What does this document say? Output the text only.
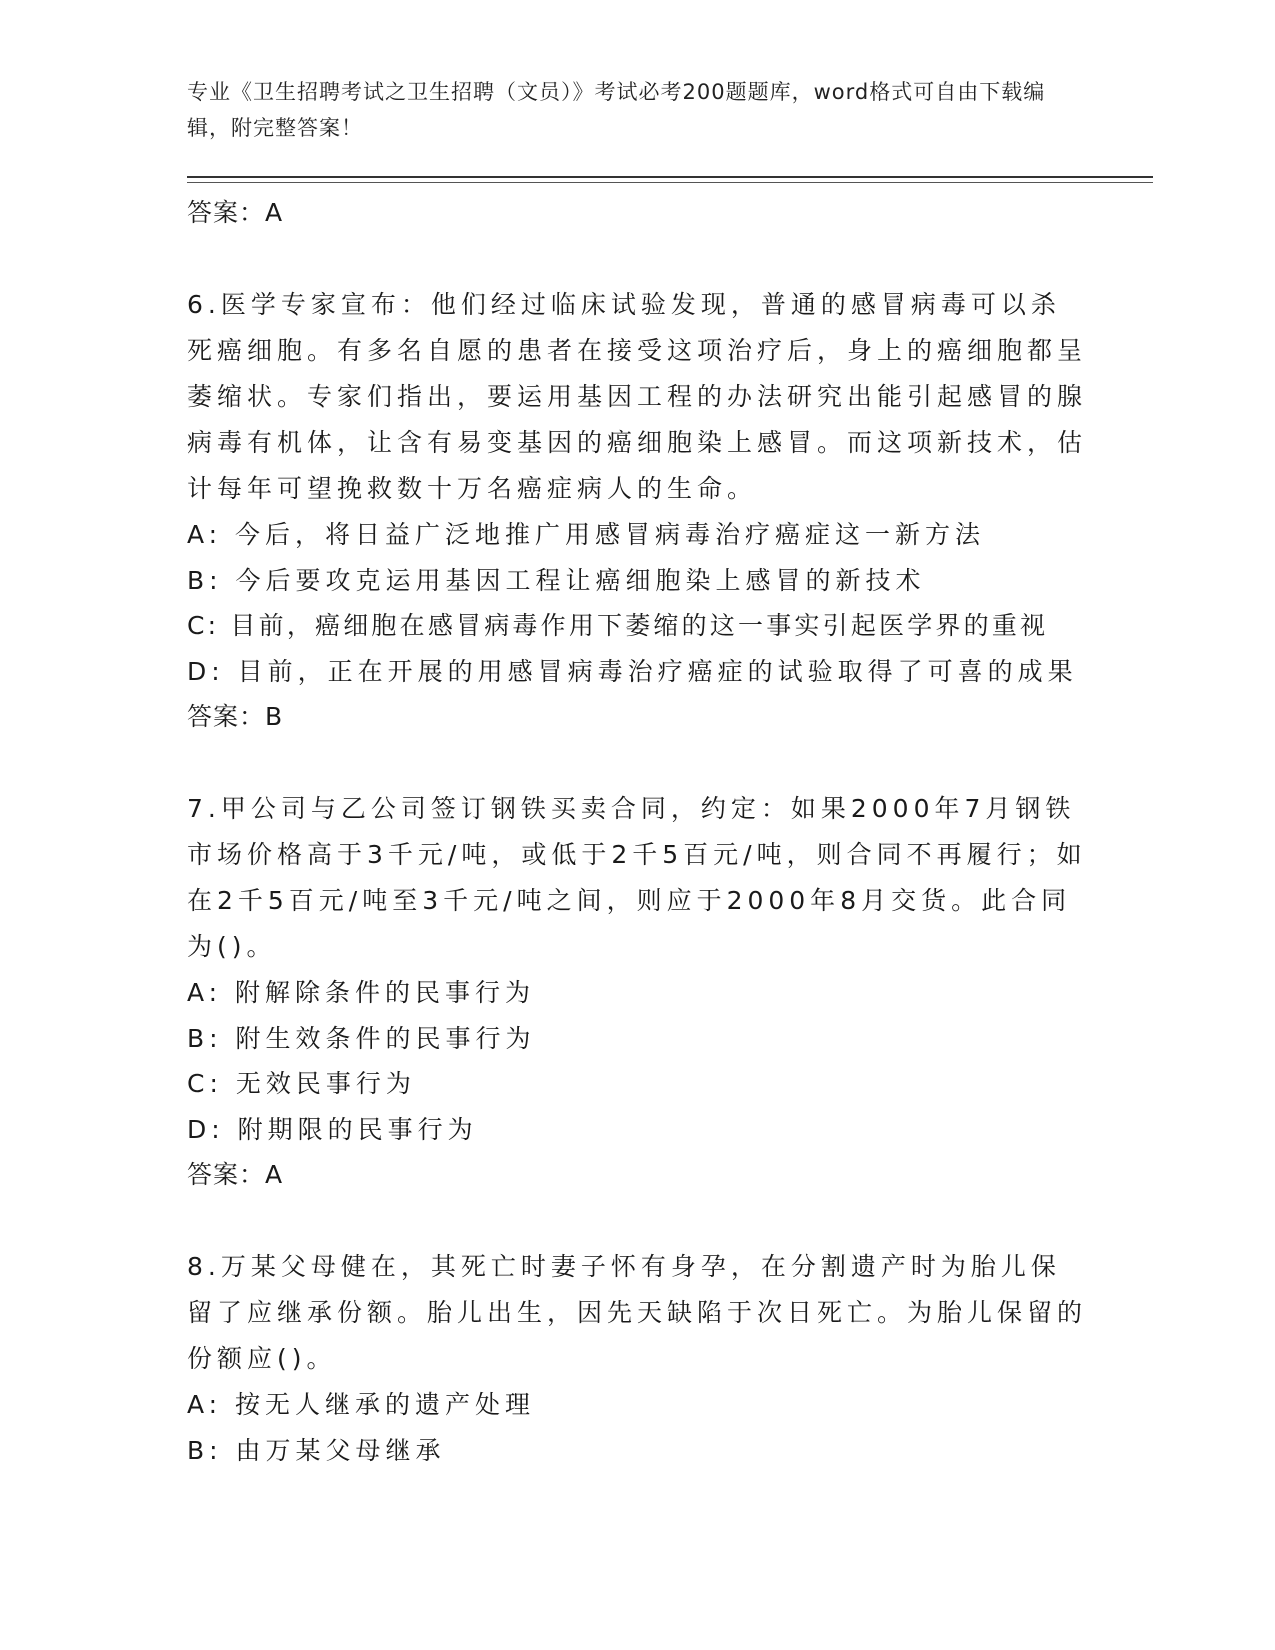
专业《卫生招聘考试之卫生招聘（文员）》考试必考200题题库，word格式可自由下载编辑，附完整答案！

答案：A

6.医学专家宣布：他们经过临床试验发现，普通的感冒病毒可以杀死癌细胞。有多名自愿的患者在接受这项治疗后，身上的癌细胞都呈萎缩状。专家们指出，要运用基因工程的办法研究出能引起感冒的腺病毒有机体，让含有易变基因的癌细胞染上感冒。而这项新技术，估计每年可望挽救数十万名癌症病人的生命。

A: 今后，将日益广泛地推广用感冒病毒治疗癌症这一新方法

B: 今后要攻克运用基因工程让癌细胞染上感冒的新技术

C: 目前，癌细胞在感冒病毒作用下萎缩的这一事实引起医学界的重视

D: 目前，正在开展的用感冒病毒治疗癌症的试验取得了可喜的成果

答案：B

7.甲公司与乙公司签订钢铁买卖合同，约定：如果2000年7月钢铁市场价格高于3千元/吨，或低于2千5百元/吨，则合同不再履行；如在2千5百元/吨至3千元/吨之间，则应于2000年8月交货。此合同为()。

A: 附解除条件的民事行为

B: 附生效条件的民事行为

C: 无效民事行为

D: 附期限的民事行为

答案：A

8.万某父母健在，其死亡时妻子怀有身孕，在分割遗产时为胎儿保留了应继承份额。胎儿出生，因先天缺陷于次日死亡。为胎儿保留的份额应()。

A: 按无人继承的遗产处理

B: 由万某父母继承
